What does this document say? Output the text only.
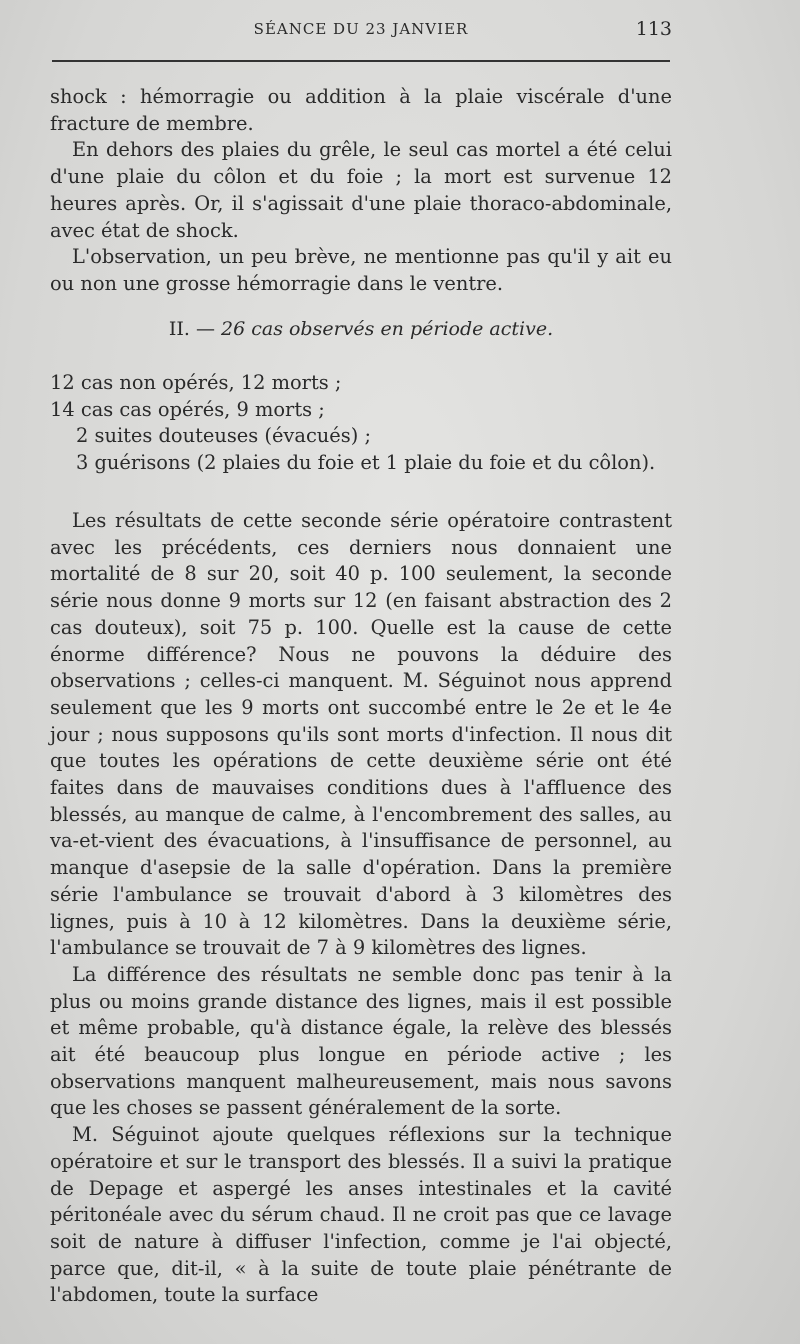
SÉANCE DU 23 JANVIER	113

shock : hémorragie ou addition à la plaie viscérale d'une fracture de membre.

En dehors des plaies du grêle, le seul cas mortel a été celui d'une plaie du côlon et du foie ; la mort est survenue 12 heures après. Or, il s'agissait d'une plaie thoraco-abdominale, avec état de shock.

L'observation, un peu brève, ne mentionne pas qu'il y ait eu ou non une grosse hémorragie dans le ventre.

II. — 26 cas observés en période active.
12 cas non opérés, 12 morts ;
14 cas cas opérés, 9 morts ;
2 suites douteuses (évacués) ;
3 guérisons (2 plaies du foie et 1 plaie du foie et du côlon).

Les résultats de cette seconde série opératoire contrastent avec les précédents, ces derniers nous donnaient une mortalité de 8 sur 20, soit 40 p. 100 seulement, la seconde série nous donne 9 morts sur 12 (en faisant abstraction des 2 cas douteux), soit 75 p. 100. Quelle est la cause de cette énorme différence? Nous ne pouvons la déduire des observations ; celles-ci manquent. M. Séguinot nous apprend seulement que les 9 morts ont succombé entre le 2e et le 4e jour ; nous supposons qu'ils sont morts d'infection. Il nous dit que toutes les opérations de cette deuxième série ont été faites dans de mauvaises conditions dues à l'affluence des blessés, au manque de calme, à l'encombrement des salles, au va-et-vient des évacuations, à l'insuffisance de personnel, au manque d'asepsie de la salle d'opération. Dans la première série l'ambulance se trouvait d'abord à 3 kilomètres des lignes, puis à 10 à 12 kilomètres. Dans la deuxième série, l'ambulance se trouvait de 7 à 9 kilomètres des lignes.

La différence des résultats ne semble donc pas tenir à la plus ou moins grande distance des lignes, mais il est possible et même probable, qu'à distance égale, la relève des blessés ait été beaucoup plus longue en période active ; les observations manquent malheureusement, mais nous savons que les choses se passent généralement de la sorte.

M. Séguinot ajoute quelques réflexions sur la technique opératoire et sur le transport des blessés. Il a suivi la pratique de Depage et aspergé les anses intestinales et la cavité péritonéale avec du sérum chaud. Il ne croit pas que ce lavage soit de nature à diffuser l'infection, comme je l'ai objecté, parce que, dit-il, « à la suite de toute plaie pénétrante de l'abdomen, toute la surface
